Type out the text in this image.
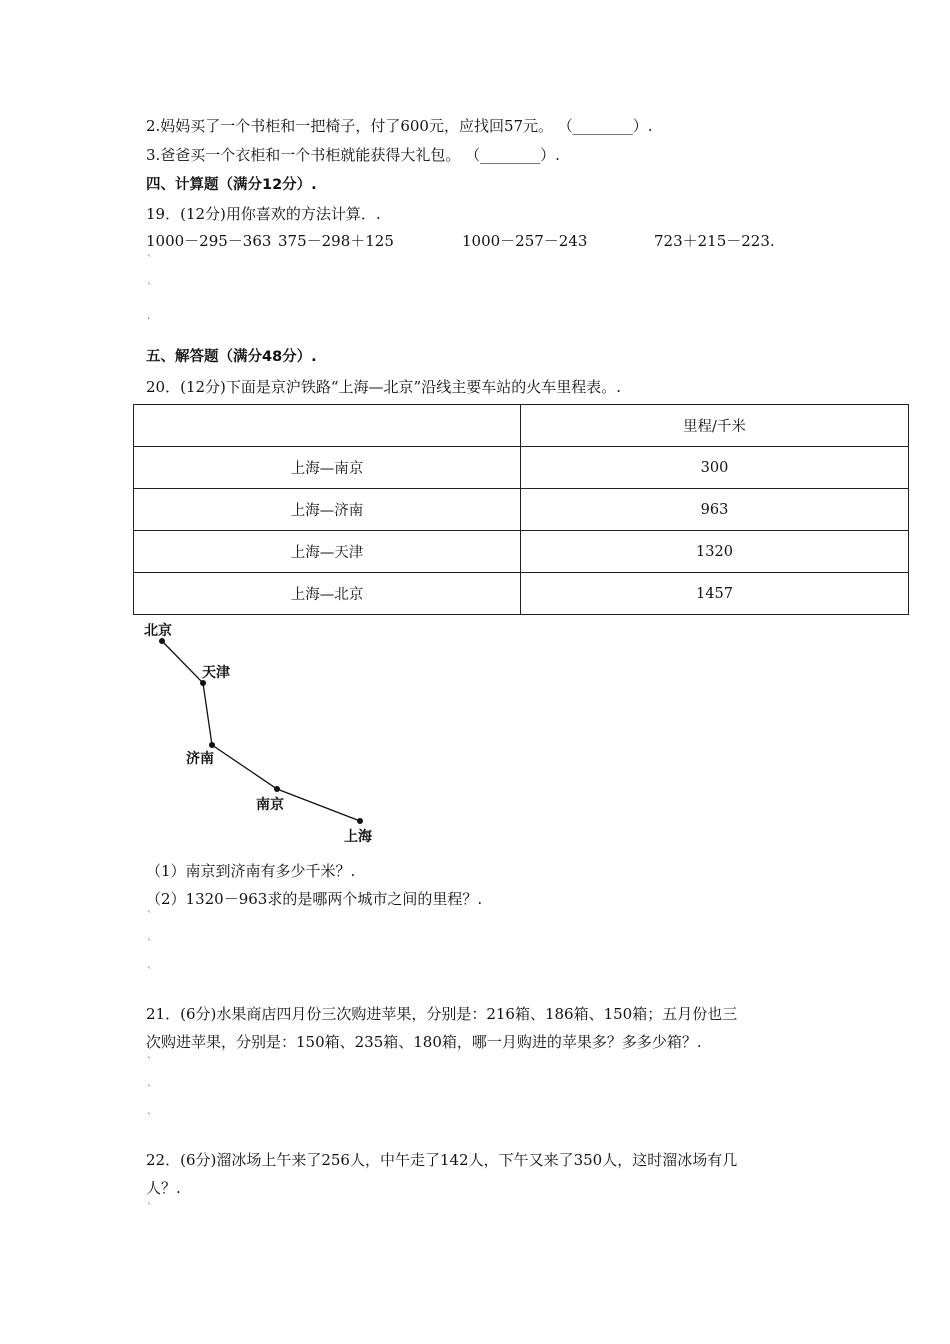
2.妈妈买了一个书柜和一把椅子，付了600元，应找回57元。 （________）.
3.爸爸买一个衣柜和一个书柜就能获得大礼包。 （________）.
四、计算题（满分12分）.
19．(12分)用你喜欢的方法计算．.
1000－295－363 375－298＋125	1000－257－243	723＋215－223.
ˋ
ˋ
.
五、解答题（满分48分）.
20．(12分)下面是京沪铁路“上海—北京”沿线主要车站的火车里程表。.
	里程/千米
上海—南京	300
上海—济南	963
上海—天津	1320
上海—北京	1457
北京
天津
济南
南京
上海
（1）南京到济南有多少千米？.
（2）1320－963求的是哪两个城市之间的里程？.
ˋ
ˋ
ˋ
21．(6分)水果商店四月份三次购进苹果，分别是：216箱、186箱、150箱；五月份也三
次购进苹果，分别是：150箱、235箱、180箱，哪一月购进的苹果多？多多少箱？.
ˋ
ˋ
ˋ
22．(6分)溜冰场上午来了256人，中午走了142人，下午又来了350人，这时溜冰场有几
人？.
ˋ
